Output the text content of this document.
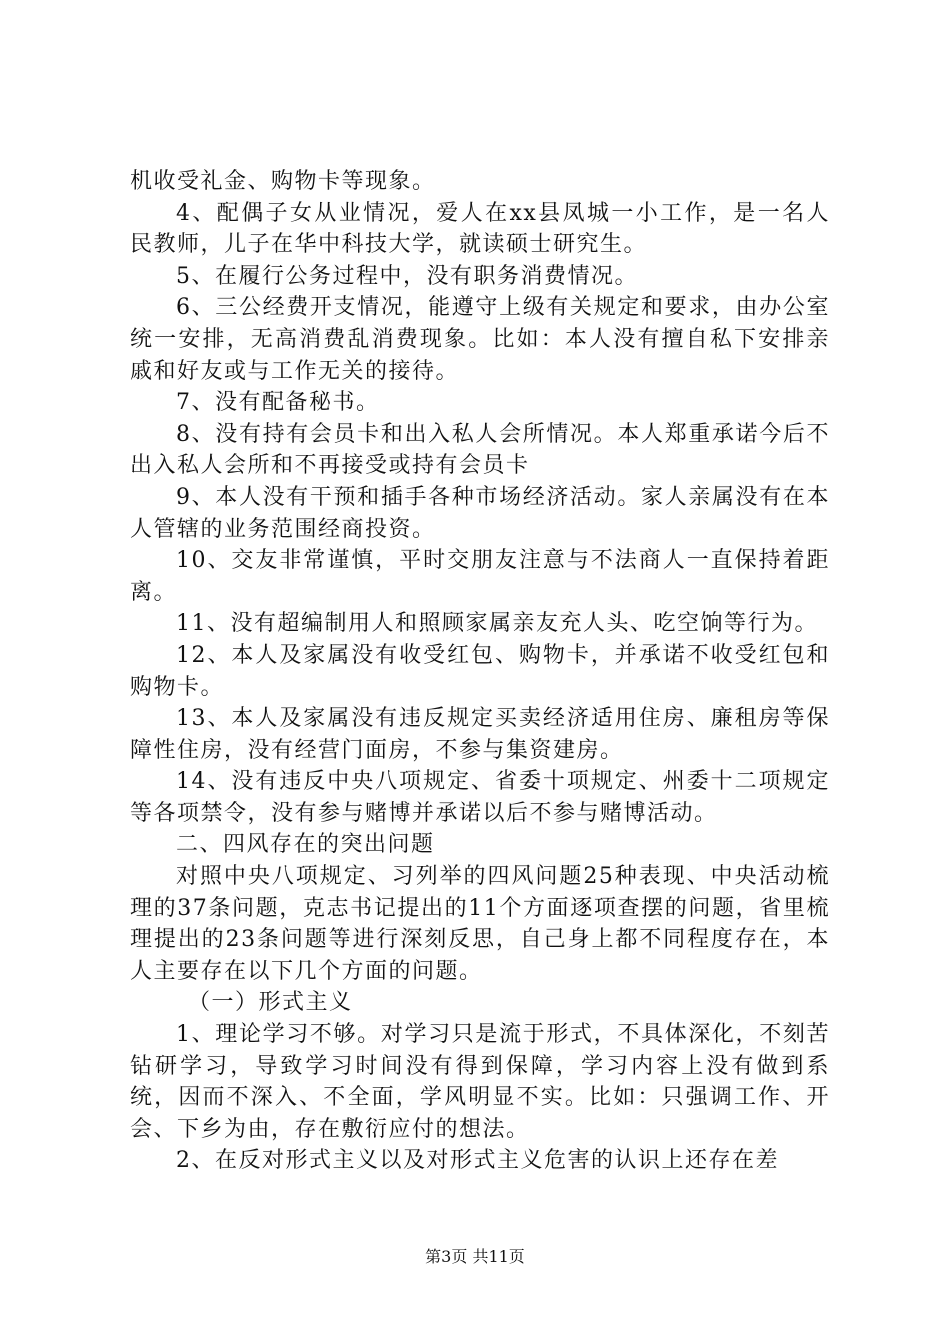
机收受礼金、购物卡等现象。

4、配偶子女从业情况，爱人在xx县凤城一小工作，是一名人民教师，儿子在华中科技大学，就读硕士研究生。

5、在履行公务过程中，没有职务消费情况。

6、三公经费开支情况，能遵守上级有关规定和要求，由办公室统一安排，无高消费乱消费现象。比如：本人没有擅自私下安排亲戚和好友或与工作无关的接待。

7、没有配备秘书。

8、没有持有会员卡和出入私人会所情况。本人郑重承诺今后不出入私人会所和不再接受或持有会员卡

9、本人没有干预和插手各种市场经济活动。家人亲属没有在本人管辖的业务范围经商投资。

10、交友非常谨慎，平时交朋友注意与不法商人一直保持着距离。

11、没有超编制用人和照顾家属亲友充人头、吃空饷等行为。

12、本人及家属没有收受红包、购物卡，并承诺不收受红包和购物卡。

13、本人及家属没有违反规定买卖经济适用住房、廉租房等保障性住房，没有经营门面房，不参与集资建房。

14、没有违反中央八项规定、省委十项规定、州委十二项规定等各项禁令，没有参与赌博并承诺以后不参与赌博活动。

二、四风存在的突出问题

对照中央八项规定、习列举的四风问题25种表现、中央活动梳理的37条问题，克志书记提出的11个方面逐项查摆的问题，省里梳理提出的23条问题等进行深刻反思，自己身上都不同程度存在，本人主要存在以下几个方面的问题。

（一）形式主义

1、理论学习不够。对学习只是流于形式，不具体深化，不刻苦钻研学习，导致学习时间没有得到保障，学习内容上没有做到系统，因而不深入、不全面，学风明显不实。比如：只强调工作、开会、下乡为由，存在敷衍应付的想法。

2、在反对形式主义以及对形式主义危害的认识上还存在差

第3页 共11页
